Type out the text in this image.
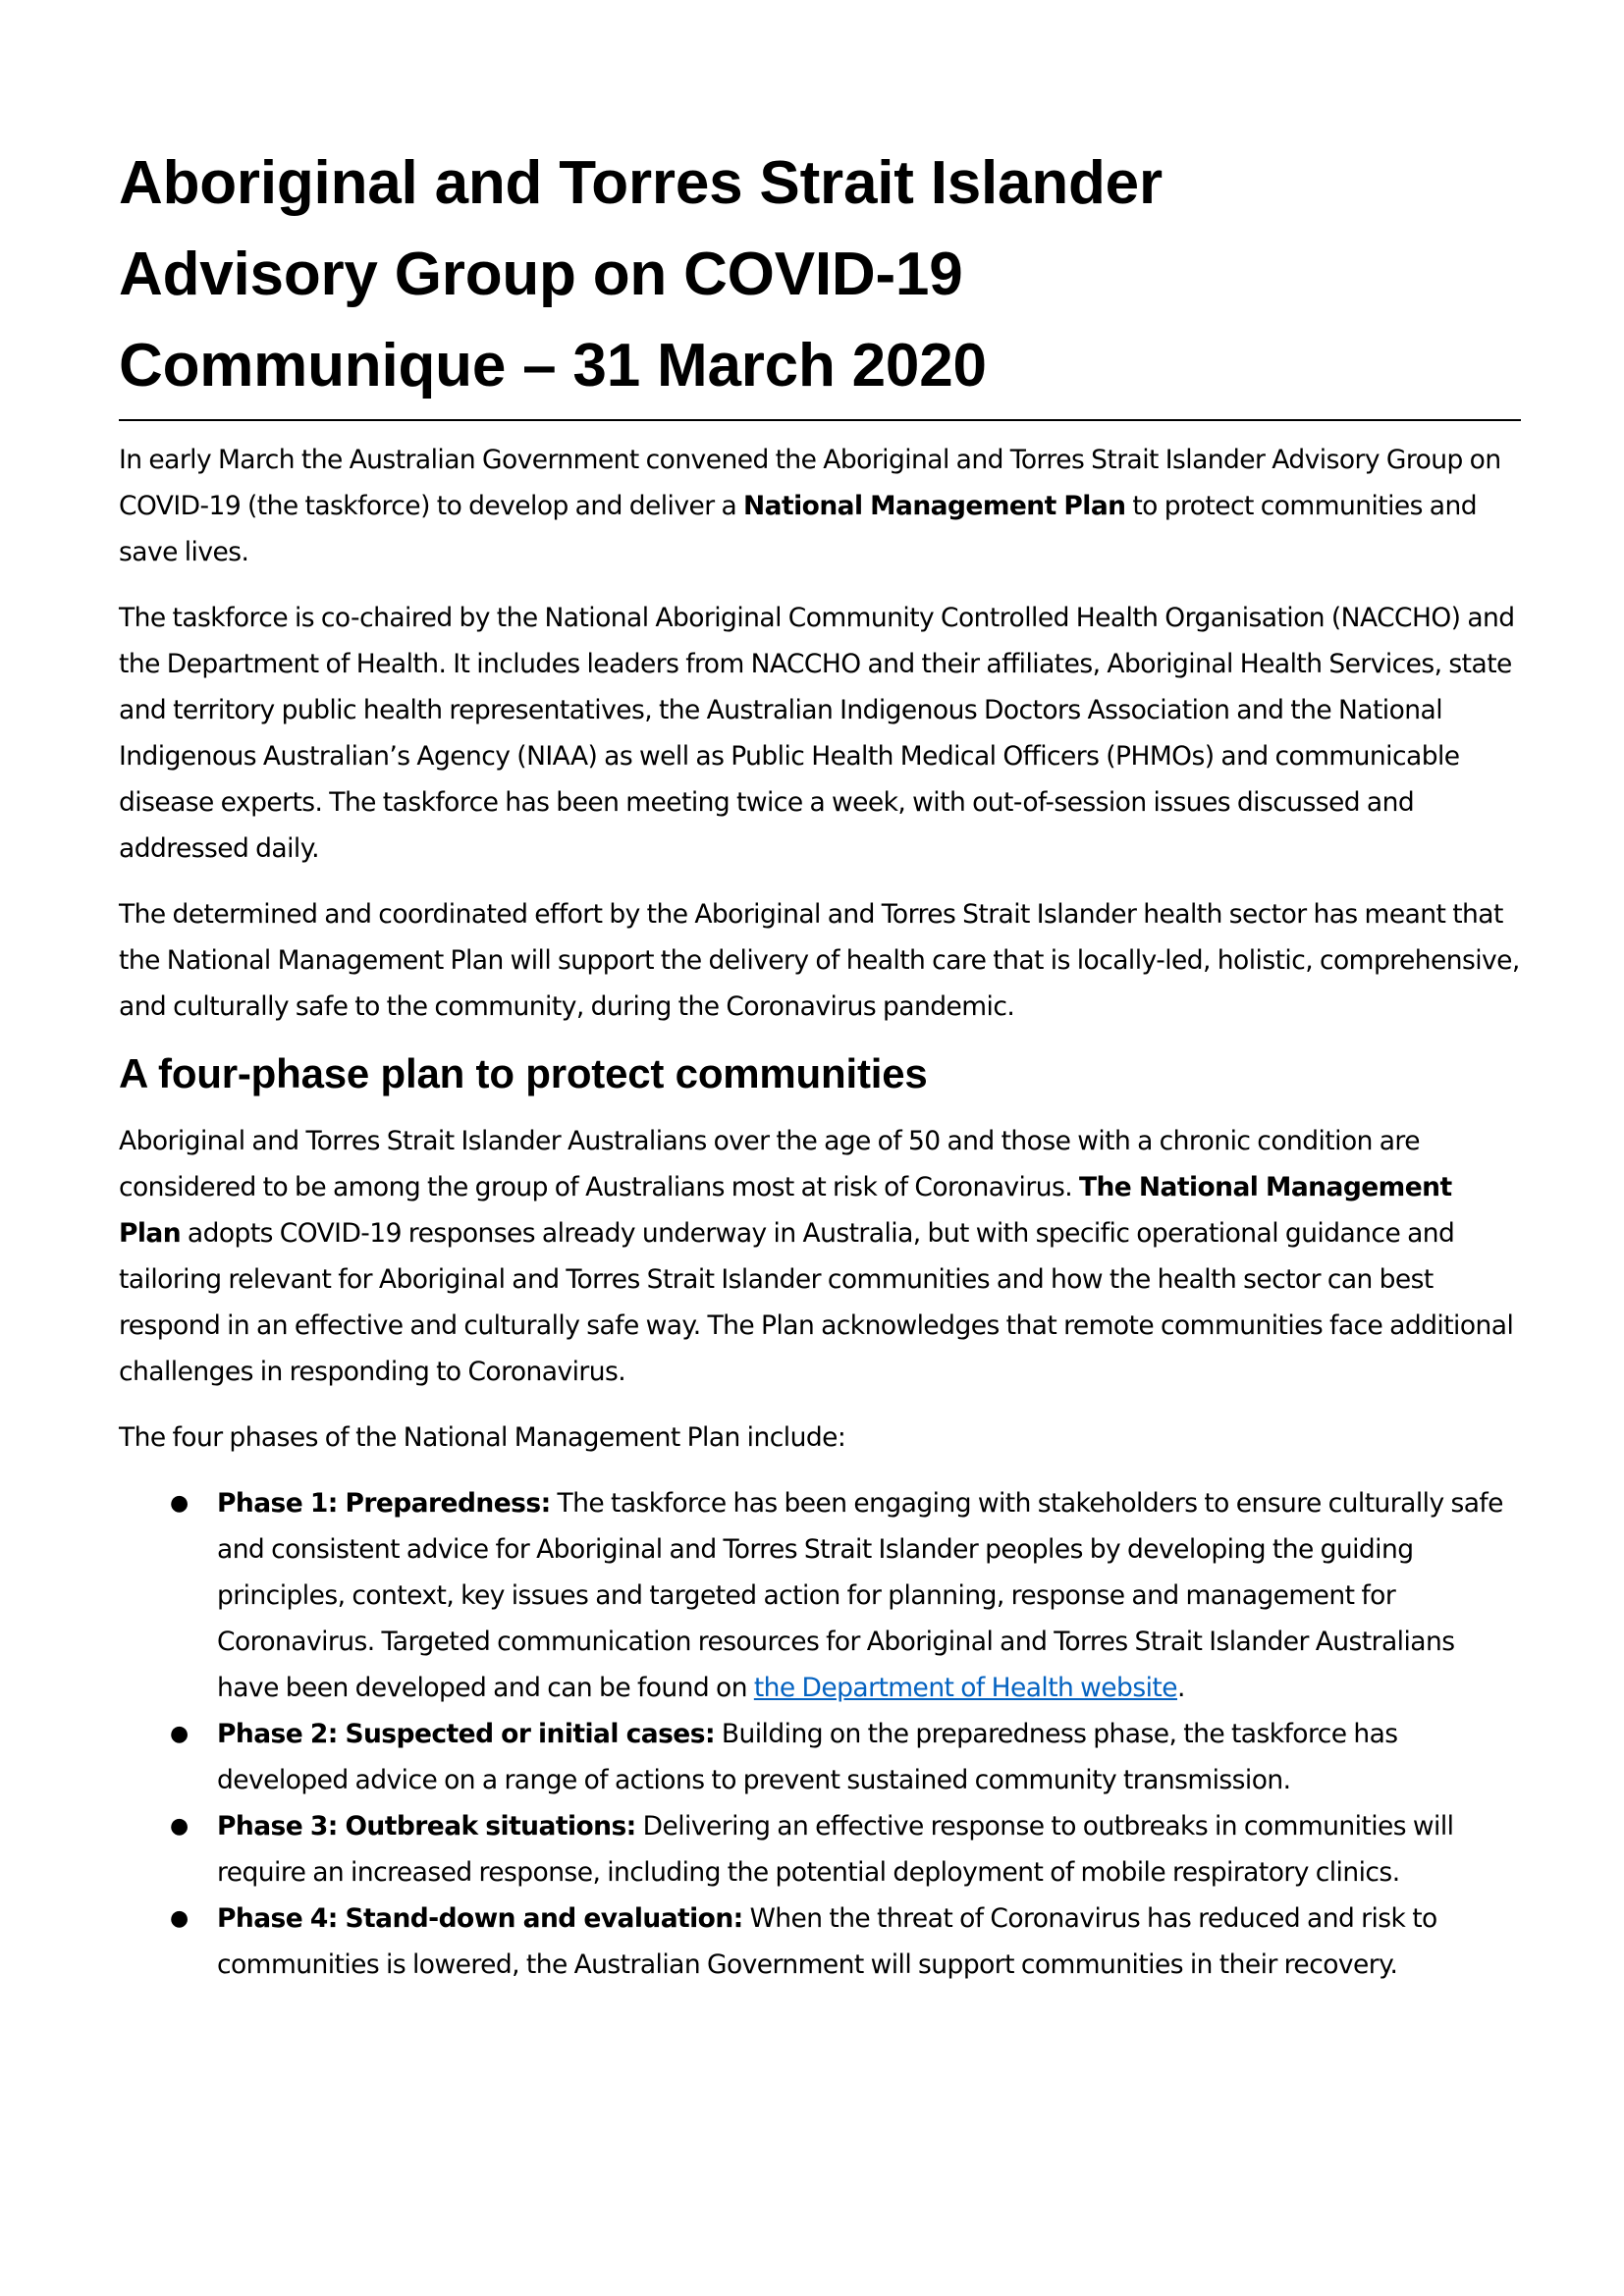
Aboriginal and Torres Strait Islander
Advisory Group on COVID-19
Communique – 31 March 2020

In early March the Australian Government convened the Aboriginal and Torres Strait Islander Advisory Group on COVID-19 (the taskforce) to develop and deliver a National Management Plan to protect communities and save lives.

The taskforce is co-chaired by the National Aboriginal Community Controlled Health Organisation (NACCHO) and the Department of Health. It includes leaders from NACCHO and their affiliates, Aboriginal Health Services, state and territory public health representatives, the Australian Indigenous Doctors Association and the National Indigenous Australian’s Agency (NIAA) as well as Public Health Medical Officers (PHMOs) and communicable disease experts. The taskforce has been meeting twice a week, with out-of-session issues discussed and addressed daily.

The determined and coordinated effort by the Aboriginal and Torres Strait Islander health sector has meant that the National Management Plan will support the delivery of health care that is locally-led, holistic, comprehensive, and culturally safe to the community, during the Coronavirus pandemic.

A four-phase plan to protect communities

Aboriginal and Torres Strait Islander Australians over the age of 50 and those with a chronic condition are considered to be among the group of Australians most at risk of Coronavirus. The National Management Plan adopts COVID-19 responses already underway in Australia, but with specific operational guidance and tailoring relevant for Aboriginal and Torres Strait Islander communities and how the health sector can best respond in an effective and culturally safe way. The Plan acknowledges that remote communities face additional challenges in responding to Coronavirus.

The four phases of the National Management Plan include:

● Phase 1: Preparedness: The taskforce has been engaging with stakeholders to ensure culturally safe and consistent advice for Aboriginal and Torres Strait Islander peoples by developing the guiding principles, context, key issues and targeted action for planning, response and management for Coronavirus. Targeted communication resources for Aboriginal and Torres Strait Islander Australians have been developed and can be found on the Department of Health website.
● Phase 2: Suspected or initial cases: Building on the preparedness phase, the taskforce has developed advice on a range of actions to prevent sustained community transmission.
● Phase 3: Outbreak situations: Delivering an effective response to outbreaks in communities will require an increased response, including the potential deployment of mobile respiratory clinics.
● Phase 4: Stand-down and evaluation: When the threat of Coronavirus has reduced and risk to communities is lowered, the Australian Government will support communities in their recovery.
